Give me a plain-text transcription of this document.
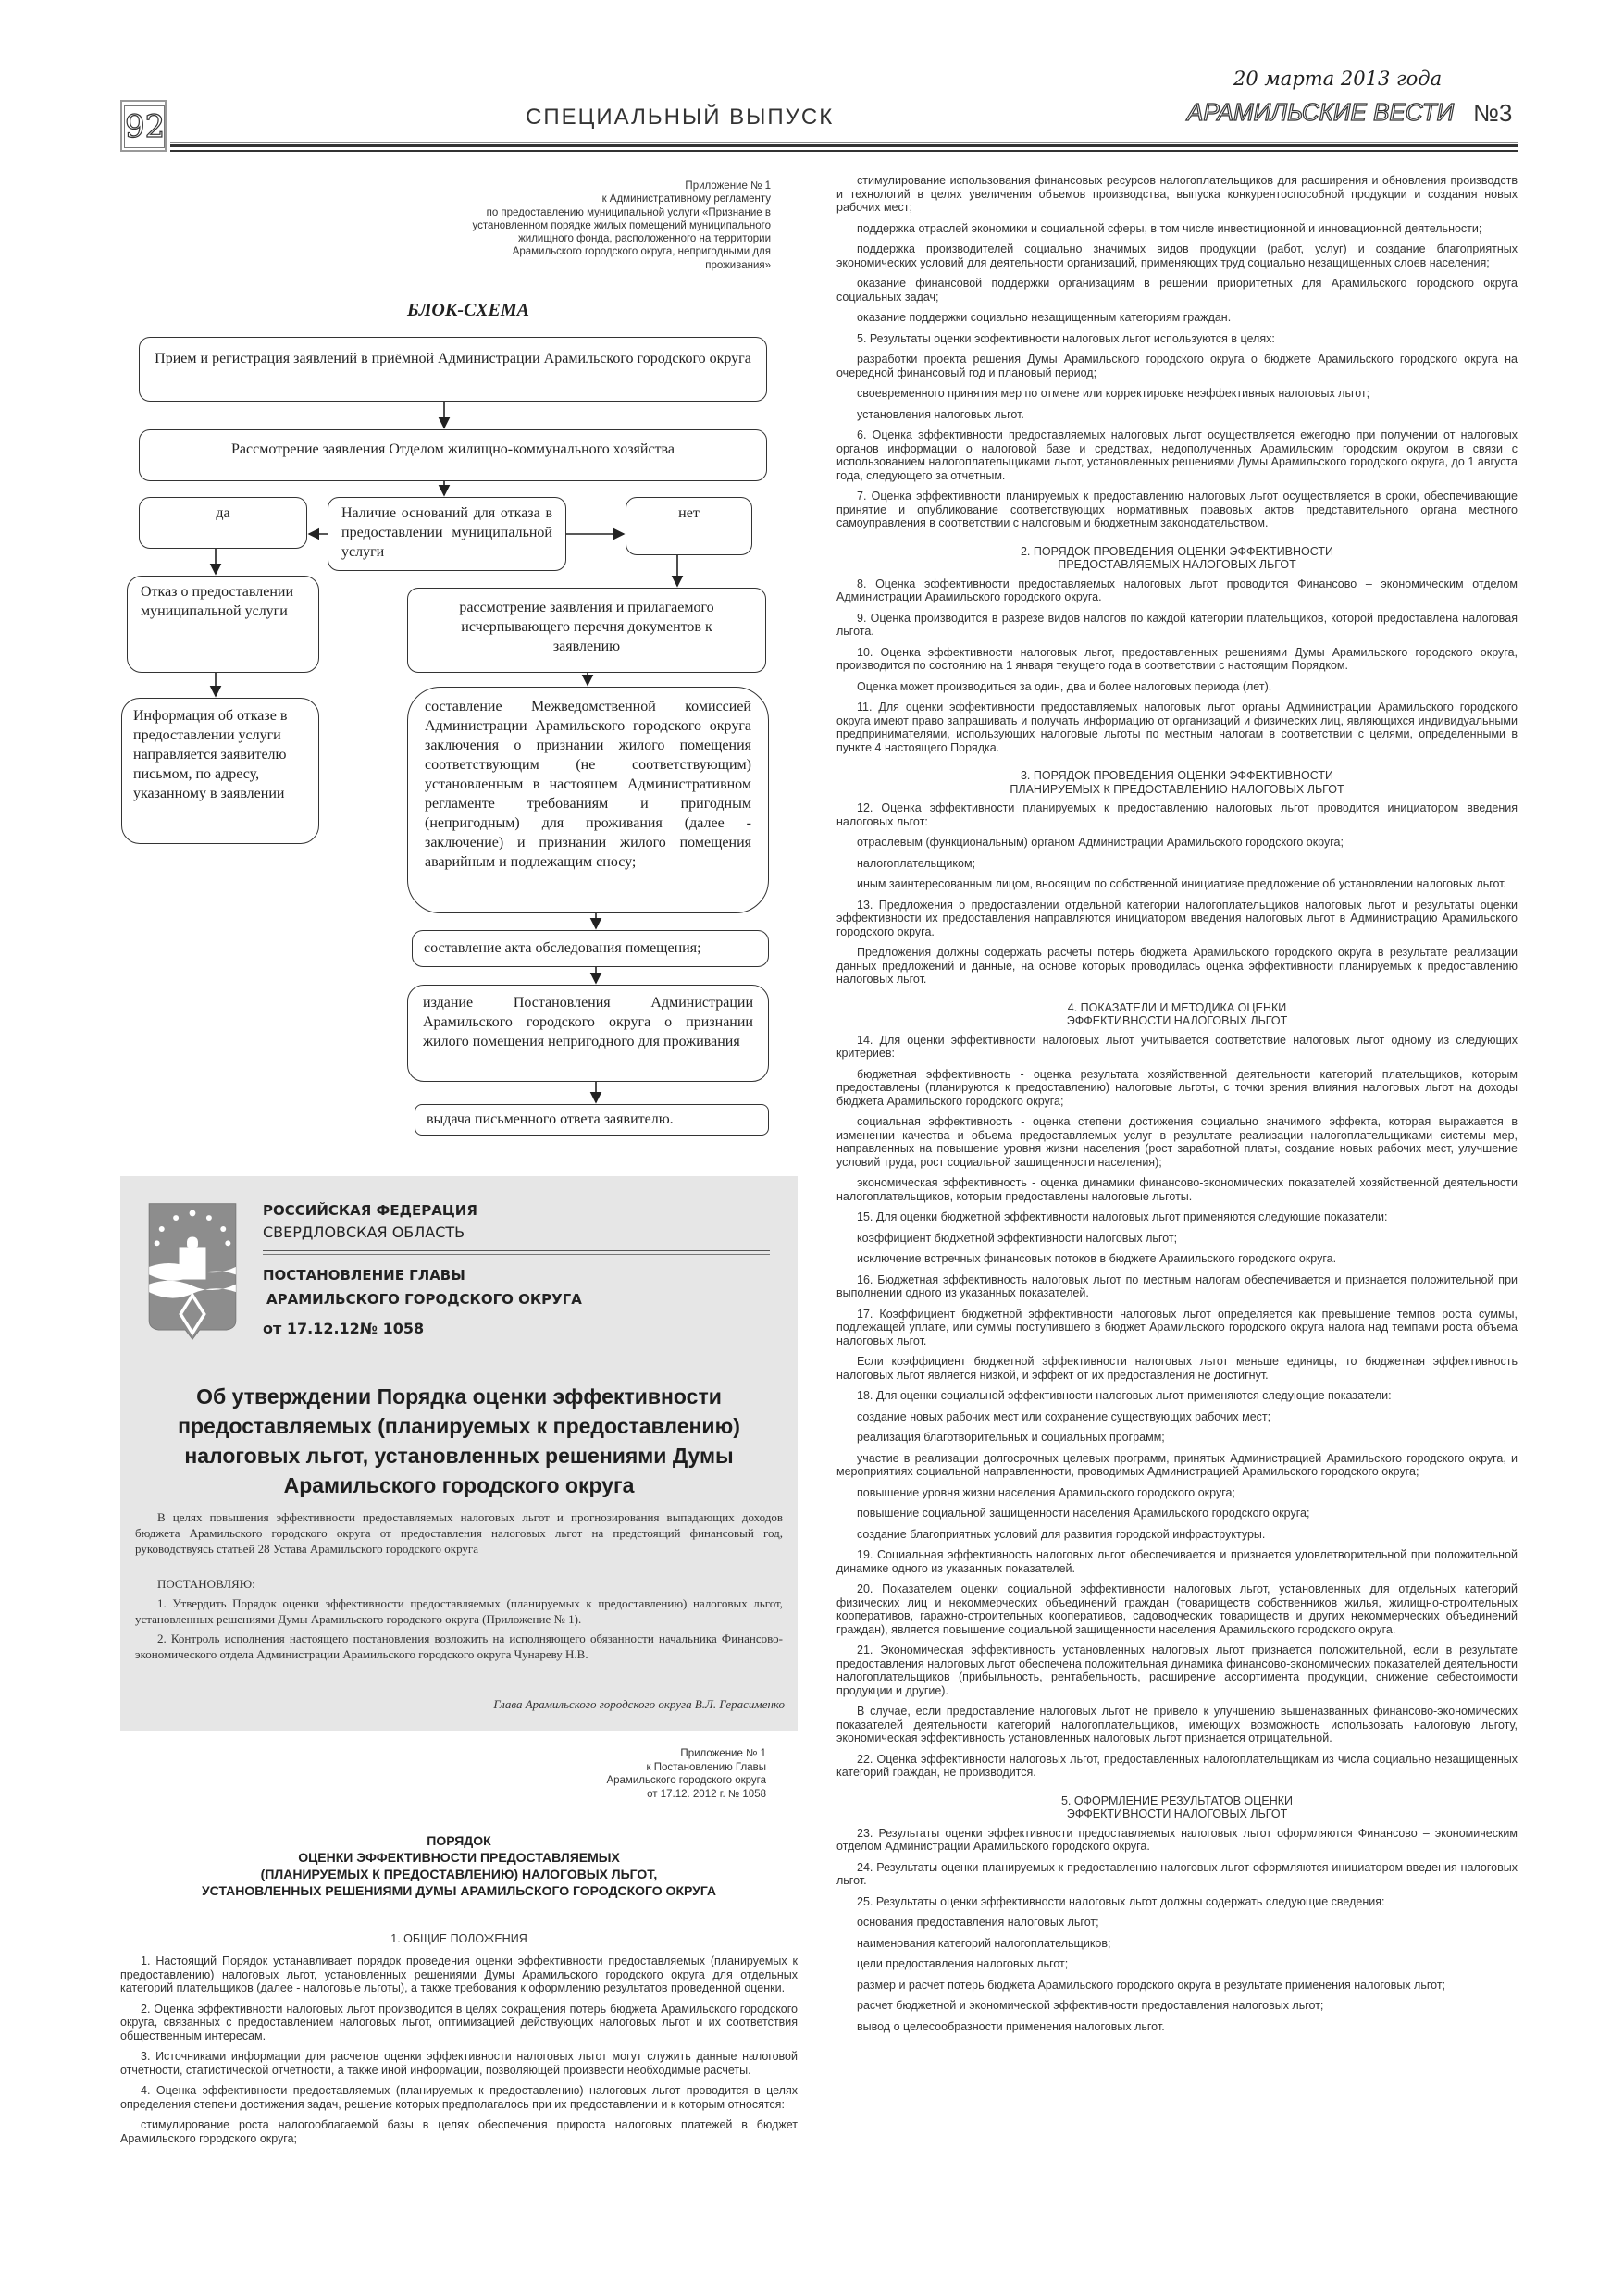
92	СПЕЦИАЛЬНЫЙ ВЫПУСК
20 марта 2013 года
АРАМИЛЬСКИЕ ВЕСТИ №3
Приложение № 1
к Административному регламенту
по предоставлению муниципальной услуги «Признание в
установленном порядке жилых помещений муниципального
жилищного фонда, расположенного на территории
Арамильского городского округа, непригодными для
проживания»
БЛОК-СХЕМА
Прием и регистрация заявлений в приёмной Администрации Арамильского городского округа
Рассмотрение заявления Отделом жилищно-коммунального хозяйства
да	Наличие оснований для отказа в предоставлении муниципальной услуги
нет
Отказ о предоставлении муниципальной услуги	рассмотрение заявления и прилагаемого исчерпывающего перечня документов к заявлению
Информация об отказе в предоставлении услуги направляется заявителю письмом, по адресу, указанному в заявлении
составление Межведомственной комиссией Администрации Арамильского городского округа заключения о признании жилого помещения соответствующим (не соответствующим) установленным в настоящем Административном регламенте требованиям и пригодным (непригодным) для проживания (далее - заключение) и признании жилого помещения аварийным и подлежащим сносу;
составление акта обследования помещения;
издание Постановления Администрации Арамильского городского округа о признании жилого помещения непригодного для проживания
выдача письменного ответа заявителю.
РОССИЙСКАЯ ФЕДЕРАЦИЯ
СВЕРДЛОВСКАЯ ОБЛАСТЬ
ПОСТАНОВЛЕНИЕ ГЛАВЫ
АРАМИЛЬСКОГО ГОРОДСКОГО ОКРУГА
от 17.12.12№ 1058
Об утверждении Порядка оценки эффективности предоставляемых (планируемых к предоставлению) налоговых льгот, установленных решениями Думы Арамильского городского округа

В целях повышения эффективности предоставляемых налоговых льгот и прогнозирования выпадающих доходов бюджета Арамильского городского округа от предоставления налоговых льгот на предстоящий финансовый год, руководствуясь статьей 28 Устава Арамильского городского округа

ПОСТАНОВЛЯЮ:

1. Утвердить Порядок оценки эффективности предоставляемых (планируемых к предоставлению) налоговых льгот, установленных решениями Думы Арамильского городского округа (Приложение № 1).

2. Контроль исполнения настоящего постановления возложить на исполняющего обязанности начальника Финансово-экономического отдела Администрации Арамильского городского округа Чунареву Н.В.

Глава Арамильского городского округа В.Л. Герасименко
Приложение № 1
к Постановлению Главы
Арамильского городского округа
от 17.12. 2012 г. № 1058
ПОРЯДОК
ОЦЕНКИ ЭФФЕКТИВНОСТИ ПРЕДОСТАВЛЯЕМЫХ
(ПЛАНИРУЕМЫХ К ПРЕДОСТАВЛЕНИЮ) НАЛОГОВЫХ ЛЬГОТ,
УСТАНОВЛЕННЫХ РЕШЕНИЯМИ ДУМЫ АРАМИЛЬСКОГО ГОРОДСКОГО ОКРУГА
1. ОБЩИЕ ПОЛОЖЕНИЯ

1. Настоящий Порядок устанавливает порядок проведения оценки эффективности предоставляемых (планируемых к предоставлению) налоговых льгот, установленных решениями Думы Арамильского городского округа для отдельных категорий плательщиков (далее - налоговые льготы), а также требования к оформлению результатов проведенной оценки.

2. Оценка эффективности налоговых льгот производится в целях сокращения потерь бюджета Арамильского городского округа, связанных с предоставлением налоговых льгот, оптимизацией действующих налоговых льгот и их соответствия общественным интересам.

3. Источниками информации для расчетов оценки эффективности налоговых льгот могут служить данные налоговой отчетности, статистической отчетности, а также иной информации, позволяющей произвести необходимые расчеты.

4. Оценка эффективности предоставляемых (планируемых к предоставлению) налоговых льгот проводится в целях определения степени достижения задач, решение которых предполагалось при их предоставлении и к которым относятся:

стимулирование роста налогооблагаемой базы в целях обеспечения прироста налоговых платежей в бюджет Арамильского городского округа;

стимулирование использования финансовых ресурсов налогоплательщиков для расширения и обновления производств и технологий в целях увеличения объемов производства, выпуска конкурентоспособной продукции и создания новых рабочих мест;

поддержка отраслей экономики и социальной сферы, в том числе инвестиционной и инновационной деятельности;

поддержка производителей социально значимых видов продукции (работ, услуг) и создание благоприятных экономических условий для деятельности организаций, применяющих труд социально незащищенных слоев населения;

оказание финансовой поддержки организациям в решении приоритетных для Арамильского городского округа социальных задач;

оказание поддержки социально незащищенным категориям граждан.

5. Результаты оценки эффективности налоговых льгот используются в целях:

разработки проекта решения Думы Арамильского городского округа о бюджете Арамильского городского округа на очередной финансовый год и плановый период;

своевременного принятия мер по отмене или корректировке неэффективных налоговых льгот;

установления налоговых льгот.

6. Оценка эффективности предоставляемых налоговых льгот осуществляется ежегодно при получении от налоговых органов информации о налоговой базе и средствах, недополученных Арамильским городским округом в связи с использованием налогоплательщиками льгот, установленных решениями Думы Арамильского городского округа, до 1 августа года, следующего за отчетным.

7. Оценка эффективности планируемых к предоставлению налоговых льгот осуществляется в сроки, обеспечивающие принятие и опубликование соответствующих нормативных правовых актов представительного органа местного самоуправления в соответствии с налоговым и бюджетным законодательством.

2. ПОРЯДОК ПРОВЕДЕНИЯ ОЦЕНКИ ЭФФЕКТИВНОСТИ
ПРЕДОСТАВЛЯЕМЫХ НАЛОГОВЫХ ЛЬГОТ

8. Оценка эффективности предоставляемых налоговых льгот проводится Финансово – экономическим отделом Администрации Арамильского городского округа.

9. Оценка производится в разрезе видов налогов по каждой категории плательщиков, которой предоставлена налоговая льгота.

10. Оценка эффективности налоговых льгот, предоставленных решениями Думы Арамильского городского округа, производится по состоянию на 1 января текущего года в соответствии с настоящим Порядком.

Оценка может производиться за один, два и более налоговых периода (лет).

11. Для оценки эффективности предоставляемых налоговых льгот органы Администрации Арамильского городского округа имеют право запрашивать и получать информацию от организаций и физических лиц, являющихся индивидуальными предпринимателями, использующих налоговые льготы по местным налогам в соответствии с целями, определенными в пункте 4 настоящего Порядка.

3. ПОРЯДОК ПРОВЕДЕНИЯ ОЦЕНКИ ЭФФЕКТИВНОСТИ
ПЛАНИРУЕМЫХ К ПРЕДОСТАВЛЕНИЮ НАЛОГОВЫХ ЛЬГОТ

12. Оценка эффективности планируемых к предоставлению налоговых льгот проводится инициатором введения налоговых льгот:

отраслевым (функциональным) органом Администрации Арамильского городского округа;

налогоплательщиком;

иным заинтересованным лицом, вносящим по собственной инициативе предложение об установлении налоговых льгот.

13. Предложения о предоставлении отдельной категории налогоплательщиков налоговых льгот и результаты оценки эффективности их предоставления направляются инициатором введения налоговых льгот в Администрацию Арамильского городского округа.

Предложения должны содержать расчеты потерь бюджета Арамильского городского округа в результате реализации данных предложений и данные, на основе которых проводилась оценка эффективности планируемых к предоставлению налоговых льгот.

4. ПОКАЗАТЕЛИ И МЕТОДИКА ОЦЕНКИ
ЭФФЕКТИВНОСТИ НАЛОГОВЫХ ЛЬГОТ

14. Для оценки эффективности налоговых льгот учитывается соответствие налоговых льгот одному из следующих критериев:

бюджетная эффективность - оценка результата хозяйственной деятельности категорий плательщиков, которым предоставлены (планируются к предоставлению) налоговые льготы, с точки зрения влияния налоговых льгот на доходы бюджета Арамильского городского округа;

социальная эффективность - оценка степени достижения социально значимого эффекта, которая выражается в изменении качества и объема предоставляемых услуг в результате реализации налогоплательщиками системы мер, направленных на повышение уровня жизни населения (рост заработной платы, создание новых рабочих мест, улучшение условий труда, рост социальной защищенности населения);

экономическая эффективность - оценка динамики финансово-экономических показателей хозяйственной деятельности налогоплательщиков, которым предоставлены налоговые льготы.

15. Для оценки бюджетной эффективности налоговых льгот применяются следующие показатели:

коэффициент бюджетной эффективности налоговых льгот;

исключение встречных финансовых потоков в бюджете Арамильского городского округа.

16. Бюджетная эффективность налоговых льгот по местным налогам обеспечивается и признается положительной при выполнении одного из указанных показателей.

17. Коэффициент бюджетной эффективности налоговых льгот определяется как превышение темпов роста суммы, подлежащей уплате, или суммы поступившего в бюджет Арамильского городского округа налога над темпами роста объема налоговых льгот.

Если коэффициент бюджетной эффективности налоговых льгот меньше единицы, то бюджетная эффективность налоговых льгот является низкой, и эффект от их предоставления не достигнут.

18. Для оценки социальной эффективности налоговых льгот применяются следующие показатели:

создание новых рабочих мест или сохранение существующих рабочих мест;

реализация благотворительных и социальных программ;

участие в реализации долгосрочных целевых программ, принятых Администрацией Арамильского городского округа, и мероприятиях социальной направленности, проводимых Администрацией Арамильского городского округа;

повышение уровня жизни населения Арамильского городского округа;

повышение социальной защищенности населения Арамильского городского округа;

создание благоприятных условий для развития городской инфраструктуры.

19. Социальная эффективность налоговых льгот обеспечивается и признается удовлетворительной при положительной динамике одного из указанных показателей.

20. Показателем оценки социальной эффективности налоговых льгот, установленных для отдельных категорий физических лиц и некоммерческих объединений граждан (товариществ собственников жилья, жилищно-строительных кооперативов, гаражно-строительных кооперативов, садоводческих товариществ и других некоммерческих объединений граждан), является повышение социальной защищенности населения Арамильского городского округа.

21. Экономическая эффективность установленных налоговых льгот признается положительной, если в результате предоставления налоговых льгот обеспечена положительная динамика финансово-экономических показателей деятельности налогоплательщиков (прибыльность, рентабельность, расширение ассортимента продукции, снижение себестоимости продукции и другие).

В случае, если предоставление налоговых льгот не привело к улучшению вышеназванных финансово-экономических показателей деятельности категорий налогоплательщиков, имеющих возможность использовать налоговую льготу, экономическая эффективность установленных налоговых льгот признается отрицательной.

22. Оценка эффективности налоговых льгот, предоставленных налогоплательщикам из числа социально незащищенных категорий граждан, не производится.

5. ОФОРМЛЕНИЕ РЕЗУЛЬТАТОВ ОЦЕНКИ
ЭФФЕКТИВНОСТИ НАЛОГОВЫХ ЛЬГОТ

23. Результаты оценки эффективности предоставляемых налоговых льгот оформляются Финансово – экономическим отделом Администрации Арамильского городского округа.

24. Результаты оценки планируемых к предоставлению налоговых льгот оформляются инициатором введения налоговых льгот.

25. Результаты оценки эффективности налоговых льгот должны содержать следующие сведения:

основания предоставления налоговых льгот;

наименования категорий налогоплательщиков;

цели предоставления налоговых льгот;

размер и расчет потерь бюджета Арамильского городского округа в результате применения налоговых льгот;

расчет бюджетной и экономической эффективности предоставления налоговых льгот;

вывод о целесообразности применения налоговых льгот.
